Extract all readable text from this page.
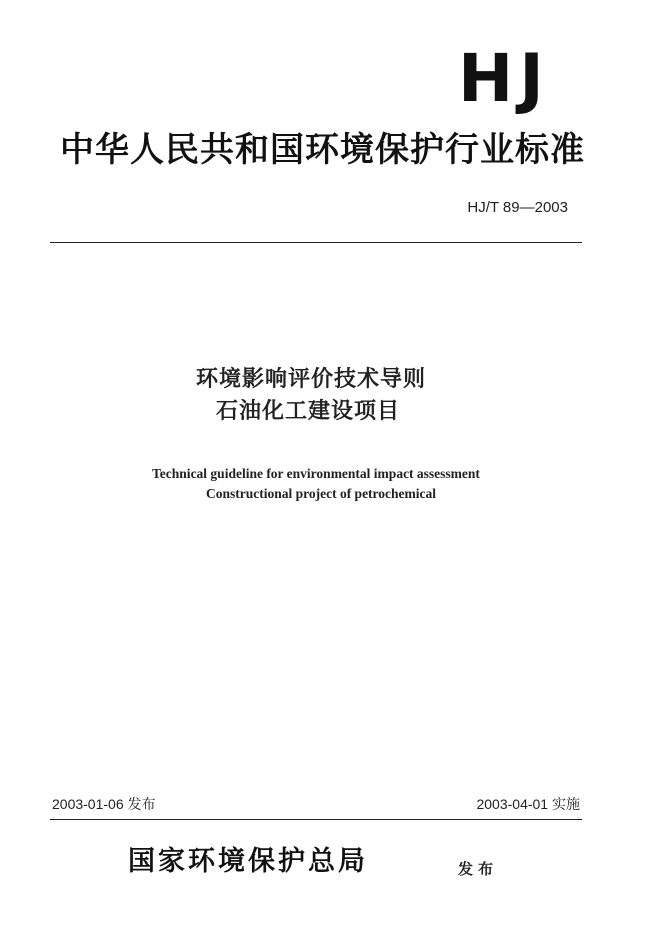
HJ
中华人民共和国环境保护行业标准
HJ/T 89—2003
环境影响评价技术导则
石油化工建设项目
Technical guideline for environmental impact assessment
Constructional project of petrochemical
2003-01-06 发布	2003-04-01 实施
国家环境保护总局	发布
